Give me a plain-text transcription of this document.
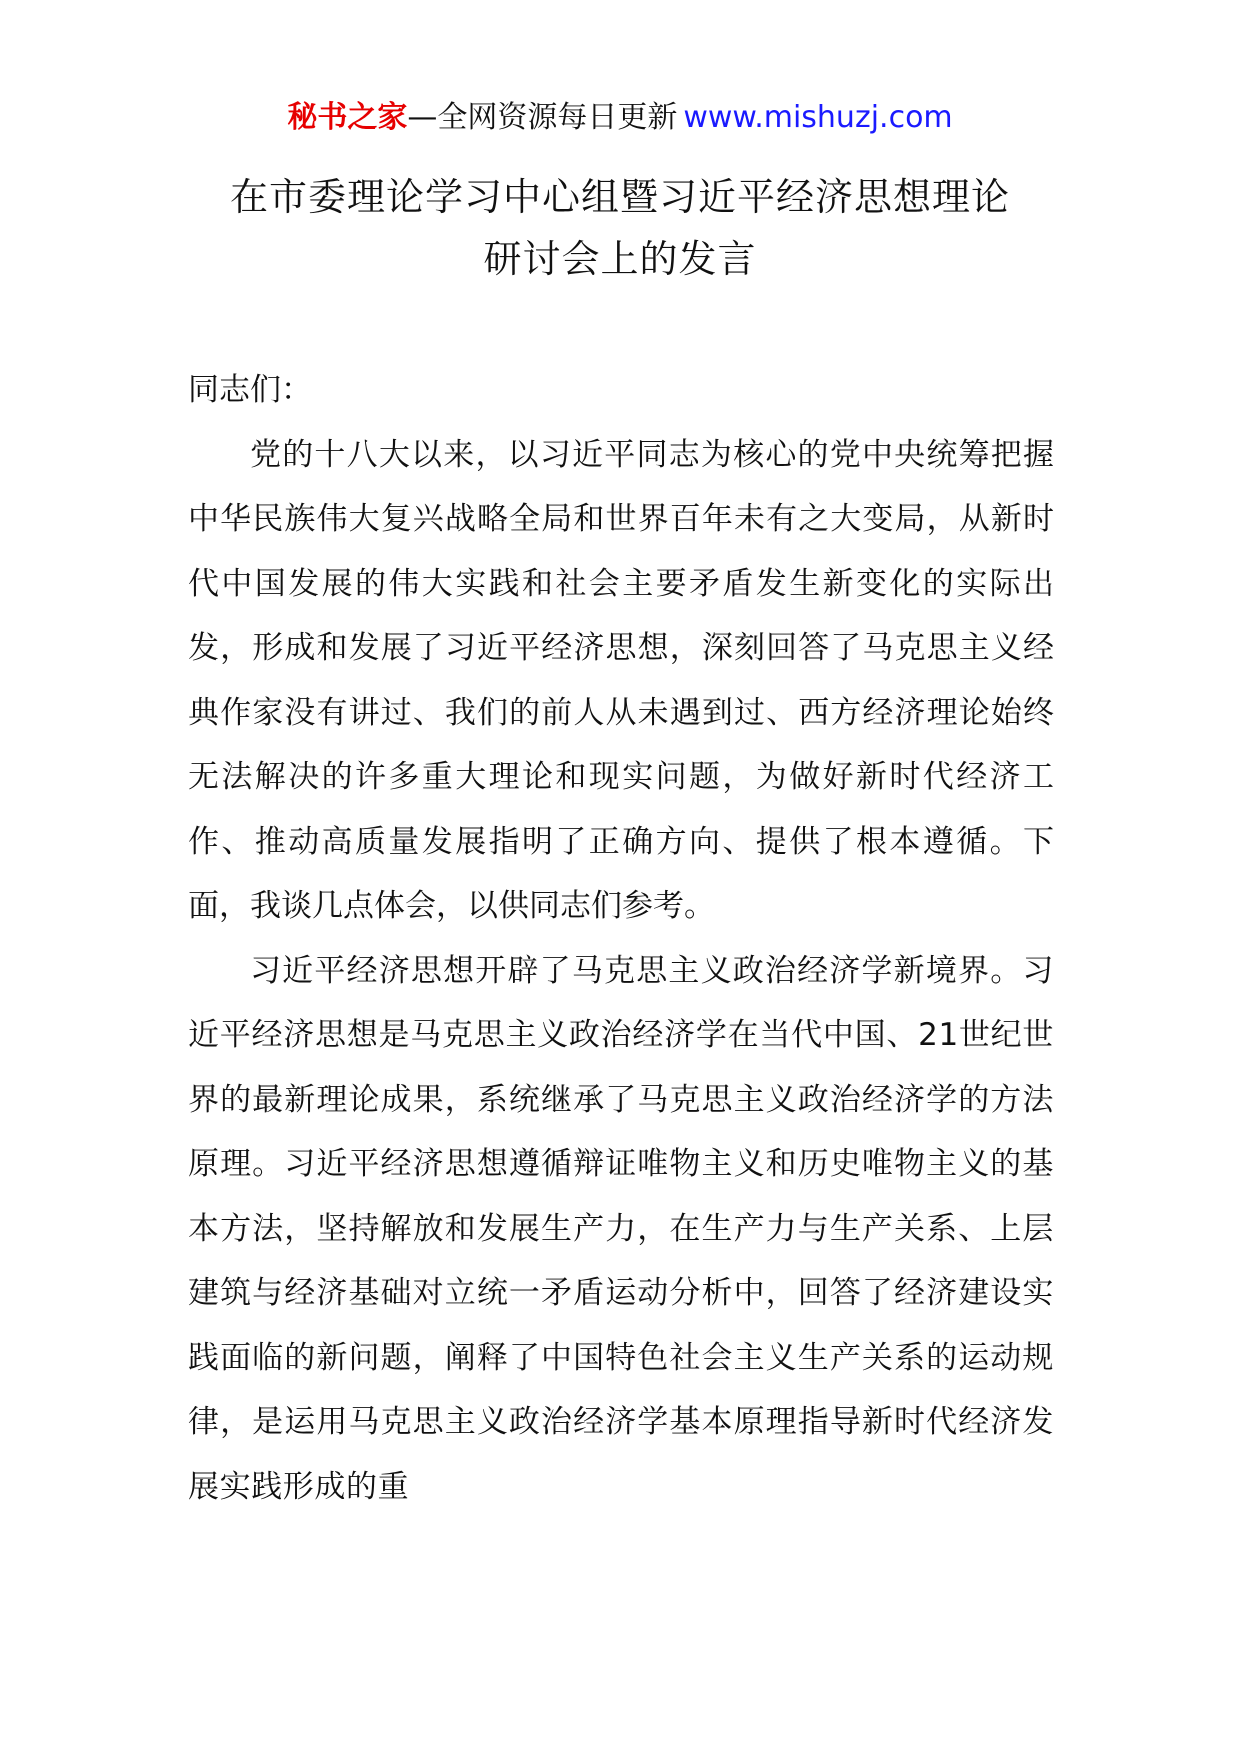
秘书之家—全网资源每日更新 www.mishuzj.com
在市委理论学习中心组暨习近平经济思想理论
研讨会上的发言

同志们：

党的十八大以来，以习近平同志为核心的党中央统筹把握中华民族伟大复兴战略全局和世界百年未有之大变局，从新时代中国发展的伟大实践和社会主要矛盾发生新变化的实际出发，形成和发展了习近平经济思想，深刻回答了马克思主义经典作家没有讲过、我们的前人从未遇到过、西方经济理论始终无法解决的许多重大理论和现实问题，为做好新时代经济工作、推动高质量发展指明了正确方向、提供了根本遵循。下面，我谈几点体会，以供同志们参考。

习近平经济思想开辟了马克思主义政治经济学新境界。习近平经济思想是马克思主义政治经济学在当代中国、21世纪世界的最新理论成果，系统继承了马克思主义政治经济学的方法原理。习近平经济思想遵循辩证唯物主义和历史唯物主义的基本方法，坚持解放和发展生产力，在生产力与生产关系、上层建筑与经济基础对立统一矛盾运动分析中，回答了经济建设实践面临的新问题，阐释了中国特色社会主义生产关系的运动规律，是运用马克思主义政治经济学基本原理指导新时代经济发展实践形成的重
